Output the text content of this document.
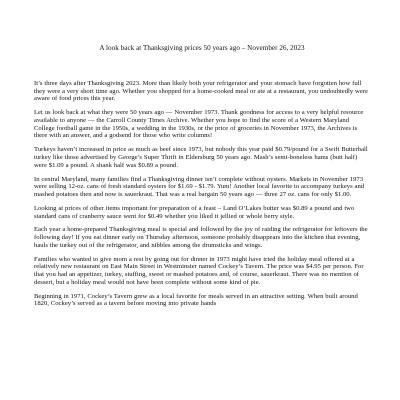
A look back at Thanksgiving prices 50 years ago – November 26, 2023

It’s three days after Thanksgiving 2023. More than likely both your refrigerator and your stomach have forgotten how full they were a very short time ago. Whether you shopped for a home-cooked meal or ate at a restaurant, you undoubtedly were aware of food prices this year.

Let us look back at what they were 50 years ago — November 1973. Thank goodness for access to a very helpful resource available to anyone — the Carroll County Times Archive. Whether you hope to find the score of a Western Maryland College football game in the 1950s, a wedding in the 1930s, or the price of groceries in November 1973, the Archives is there with an answer, and a godsend for those who write columns!

Turkeys haven’t increased in price as much as beef since 1973, but nobody this year paid $0.79/pound for a Swift Butterball turkey like those advertised by George’s Super Thrift in Eldersburg 50 years ago. Mash’s semi-boneless hams (butt half) were $1.09 a pound. A shank half was $0.89 a pound.

In central Maryland, many families find a Thanksgiving dinner isn’t complete without oysters. Markets in November 1973 were selling 12-oz. cans of fresh standard oysters for $1.69 - $1.79. Yum! Another local favorite to accompany turkeys and mashed potatoes then and now is sauerkraut. That was a real bargain 50 years ago — three 27 oz. cans for only $1.00.

Looking at prices of other items important for preparation of a feast – Land O’Lakes butter was $0.89 a pound and two standard cans of cranberry sauce went for $0.49 whether you liked it jellied or whole berry style.

Each year a home-prepared Thanksgiving meal is special and followed by the joy of raiding the refrigerator for leftovers the following day! If you eat dinner early on Thursday afternoon, someone probably disappears into the kitchen that evening, hauls the turkey out of the refrigerator, and nibbles among the drumsticks and wings.

Families who wanted to give mom a rest by going out for dinner in 1973 might have tried the holiday meal offered at a relatively new restaurant on East Main Street in Westminster named Cockey’s Tavern. The price was $4.95 per person. For that you had an appetizer, turkey, stuffing, sweet or mashed potatoes and, of course, sauerkraut. There was no mention of dessert, but a holiday meal would not have been complete without some kind of pie.

Beginning in 1971, Cockey’s Tavern grew as a local favorite for meals served in an attractive setting. When built around 1820, Cockey’s served as a tavern before moving into private hands
